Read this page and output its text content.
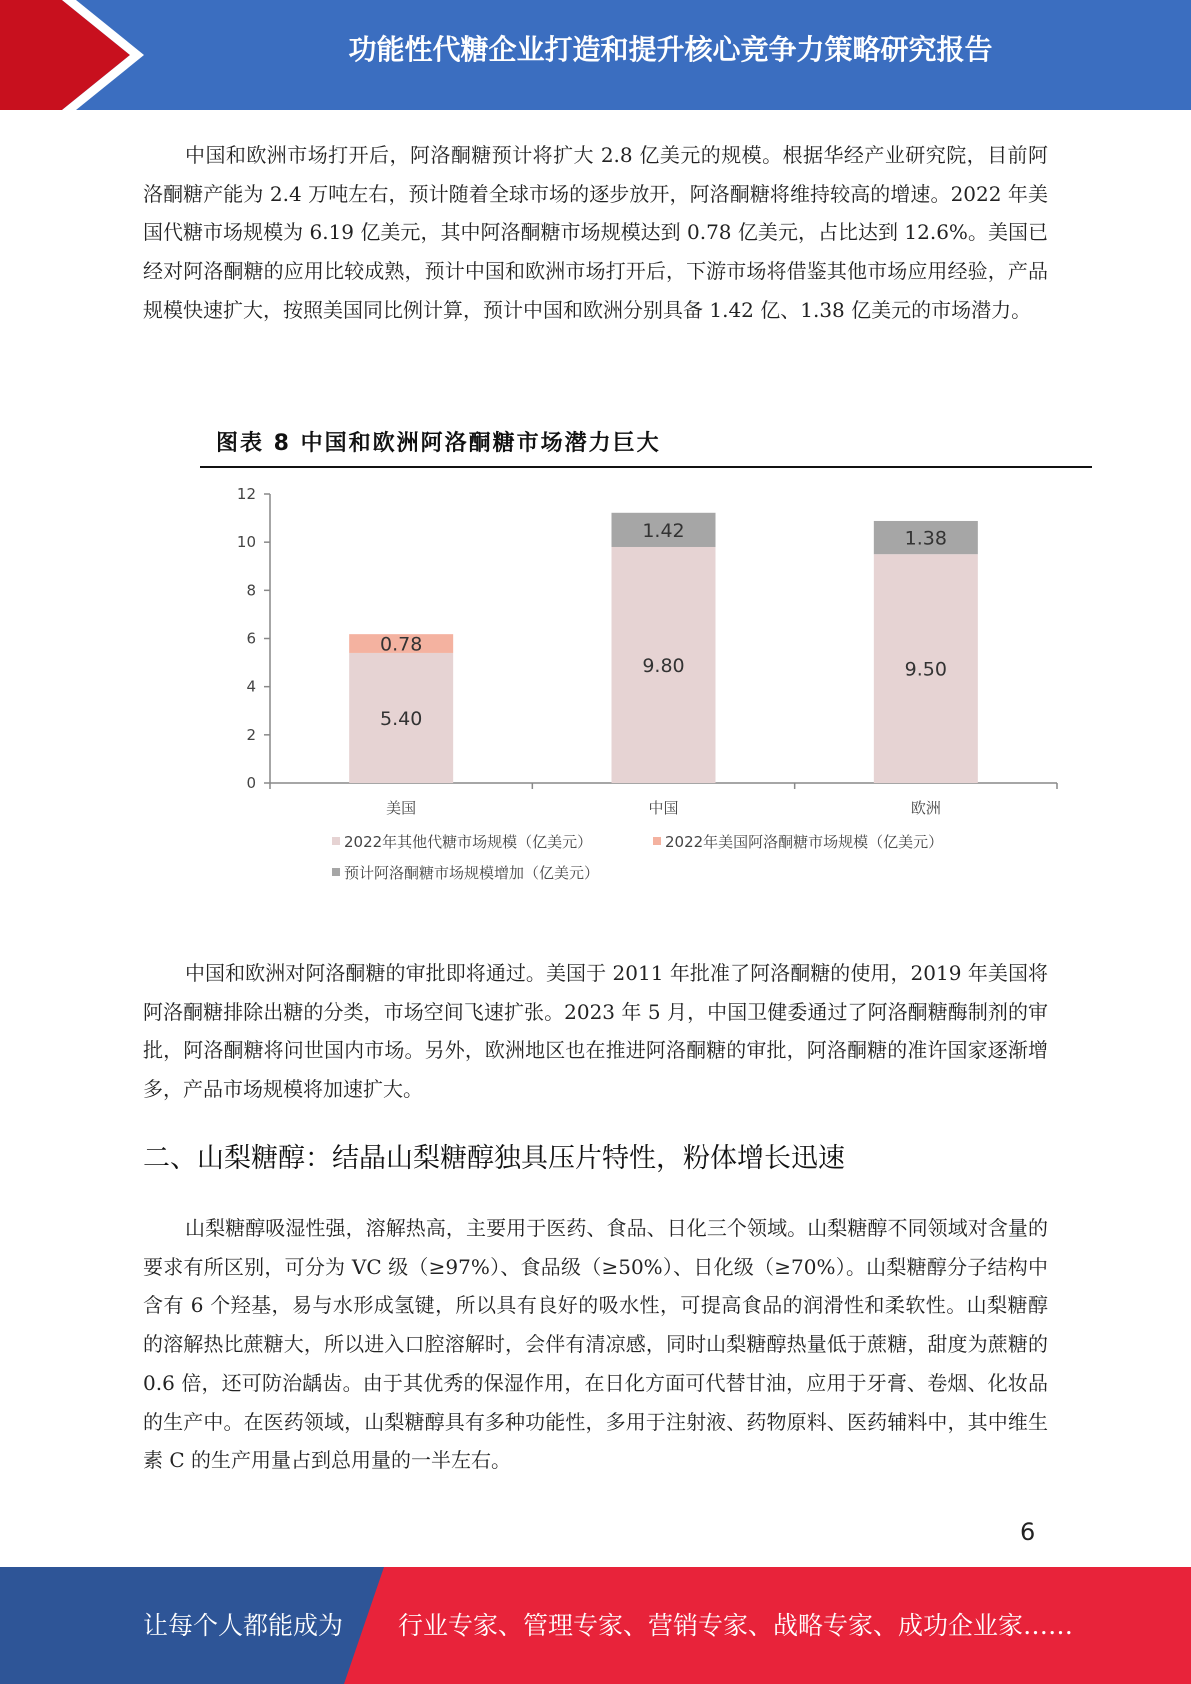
功能性代糖企业打造和提升核心竞争力策略研究报告

中国和欧洲市场打开后，阿洛酮糖预计将扩大 2.8 亿美元的规模。根据华经产业研究院，目前阿洛酮糖产能为 2.4 万吨左右，预计随着全球市场的逐步放开，阿洛酮糖将维持较高的增速。2022 年美国代糖市场规模为 6.19 亿美元，其中阿洛酮糖市场规模达到 0.78 亿美元，占比达到 12.6%。美国已经对阿洛酮糖的应用比较成熟，预计中国和欧洲市场打开后，下游市场将借鉴其他市场应用经验，产品规模快速扩大，按照美国同比例计算，预计中国和欧洲分别具备 1.42 亿、1.38 亿美元的市场潜力。

图表 8 中国和欧洲阿洛酮糖市场潜力巨大
0
2
4
6
8
10
12
5.40
0.78
美国
9.80
1.42
中国
9.50
1.38
欧洲
2022年其他代糖市场规模（亿美元）	2022年美国阿洛酮糖市场规模（亿美元）
预计阿洛酮糖市场规模增加（亿美元）

中国和欧洲对阿洛酮糖的审批即将通过。美国于 2011 年批准了阿洛酮糖的使用，2019 年美国将阿洛酮糖排除出糖的分类，市场空间飞速扩张。2023 年 5 月，中国卫健委通过了阿洛酮糖酶制剂的审批，阿洛酮糖将问世国内市场。另外，欧洲地区也在推进阿洛酮糖的审批，阿洛酮糖的准许国家逐渐增多，产品市场规模将加速扩大。

二、山梨糖醇：结晶山梨糖醇独具压片特性，粉体增长迅速

山梨糖醇吸湿性强，溶解热高，主要用于医药、食品、日化三个领域。山梨糖醇不同领域对含量的要求有所区别，可分为 VC 级（≥97%）、食品级（≥50%）、日化级（≥70%）。山梨糖醇分子结构中含有 6 个羟基，易与水形成氢键，所以具有良好的吸水性，可提高食品的润滑性和柔软性。山梨糖醇的溶解热比蔗糖大，所以进入口腔溶解时，会伴有清凉感，同时山梨糖醇热量低于蔗糖，甜度为蔗糖的 0.6 倍，还可防治龋齿。由于其优秀的保湿作用，在日化方面可代替甘油，应用于牙膏、卷烟、化妆品的生产中。在医药领域，山梨糖醇具有多种功能性，多用于注射液、药物原料、医药辅料中，其中维生素 C 的生产用量占到总用量的一半左右。

6
让每个人都能成为 行业专家、管理专家、营销专家、战略专家、成功企业家……
